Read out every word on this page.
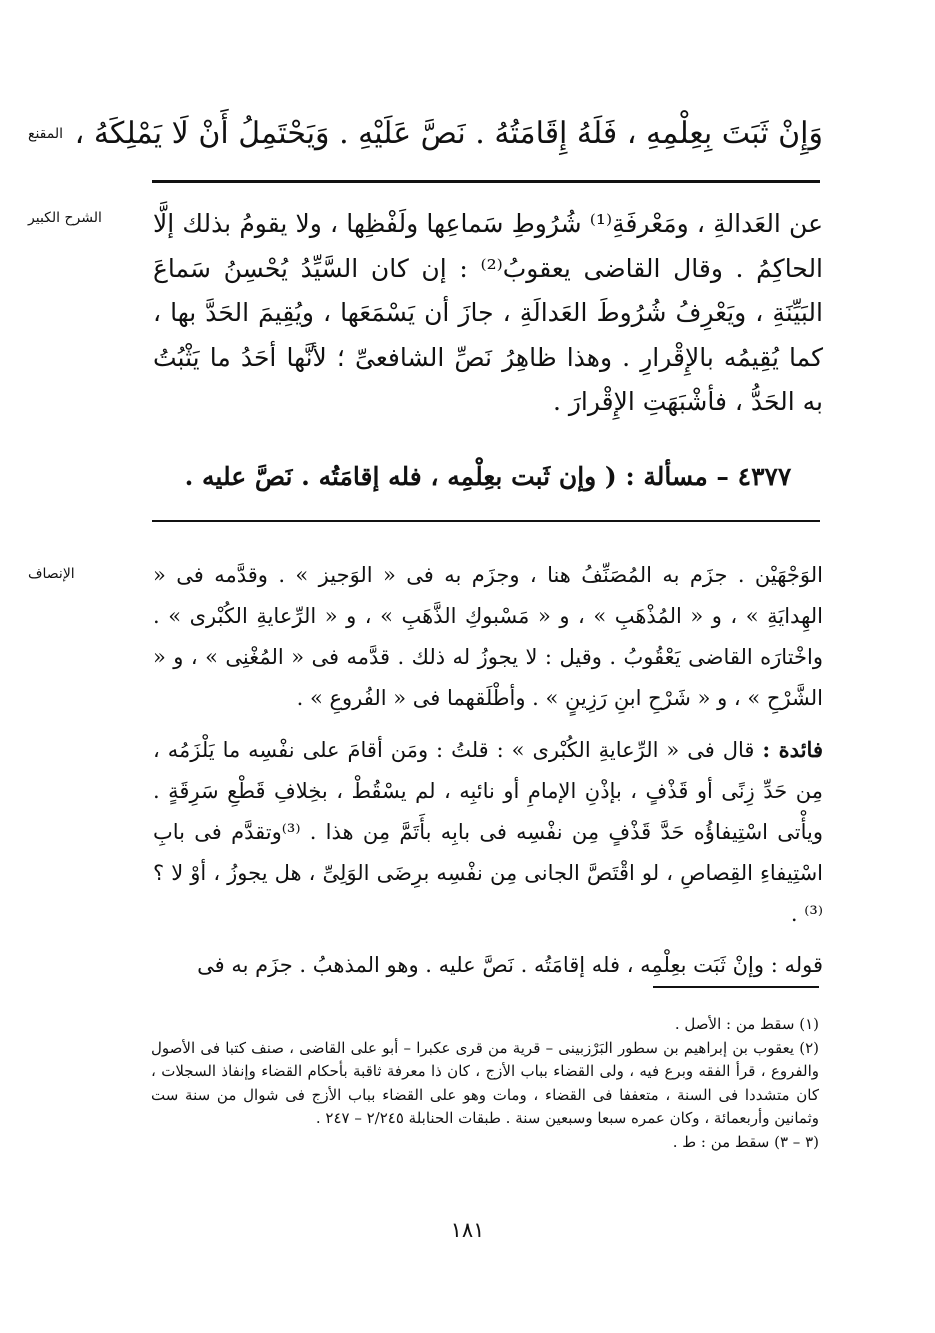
المقنع وَإِنْ ثَبَتَ بِعِلْمِهِ ، فَلَهُ إِقَامَتُهُ . نَصَّ عَلَيْهِ . وَيَحْتَمِلُ أَنْ لَا يَمْلِكَهُ ،
الشرح الكبير	عن العَدالةِ ، ومَعْرفَةِ⁽¹⁾ شُرُوطِ سَماعِها ولَفْظِها ، ولا يقومُ بذلك إلَّا الحاكِمُ . وقال القاضى يعقوبُ⁽²⁾ : إن كان السَّيِّدُ يُحْسِنُ سَماعَ البَيِّنَةِ ، ويَعْرِفُ شُرُوطَ العَدالَةِ ، جازَ أن يَسْمَعَها ، ويُقِيمَ الحَدَّ بها ، كما يُقِيمُه بالإِقْرارِ . وهذا ظاهِرُ نَصِّ الشافعىِّ ؛ لأنَّها أحَدُ ما يَثْبُتُ به الحَدُّ ، فأشْبَهَتِ الإِقْرارَ .
٤٣٧٧ – مسألة : ( وإن ثَبت بعِلْمِه ، فله إقامَتُه . نَصَّ عليه .
الإنصاف	الوَجْهَيْن . جزَم به المُصَنِّفُ هنا ، وجزَم به فى « الوَجيز » . وقدَّمه فى « الهِدايَةِ » ، و « المُذْهَبِ » ، و « مَسْبوكِ الذَّهَبِ » ، و « الرِّعايةِ الكُبْرى » . واخْتارَه القاضى يَعْقُوبُ . وقيل : لا يجوزُ له ذلك . قدَّمه فى « المُغْنِى » ، و « الشَّرْحِ » ، و « شَرْحِ ابنِ رَزِينٍ » . وأطْلَقهما فى « الفُروعِ » .

فائدة : قال فى « الرِّعايةِ الكُبْرى » : قلتُ : ومَن أقامَ على نفْسِه ما يَلْزَمُه ، مِن حَدِّ زِنًى أو قَذْفٍ ، بإذْنِ الإمامِ أو نائبِه ، لم يسْقُطْ ، بخِلافِ قَطْعِ سَرِقَةٍ . ويأْتى اسْتِيفاؤُه حَدَّ قَذْفٍ مِن نفْسِه فى بابِه بأَتَمَّ مِن هذا . ⁽³⁾وتقدَّم فى بابِ اسْتِيفاءِ القِصاصِ ، لو اقْتَصَّ الجانى مِن نفْسِه برِضَى الوَلِىِّ ، هل يجوزُ ، أوْ لا ؟⁽³⁾ .

قوله : وإنْ ثَبَت بعِلْمِه ، فله إقامَتُه . نَصَّ عليه . وهو المذهبُ . جزَم به فى

(١) سقط من : الأصل .

(٢) يعقوب بن إبراهيم بن سطور البَرْزبينى – قرية من قرى عكبرا – أبو على القاضى ، صنف كتبا فى الأصول والفروع ، قرأ الفقه وبرع فيه ، ولى القضاء بباب الأزج ، كان ذا معرفة ثاقبة بأحكام القضاء وإنفاذ السجلات ، كان متشددا فى السنة ، متعففا فى القضاء ، ومات وهو على القضاء بباب الأزج فى شوال من سنة ست وثمانين وأربعمائة ، وكان عمره سبعا وسبعين سنة . طبقات الحنابلة ٢/٢٤٥ – ٢٤٧ .

(٣ – ٣) سقط من : ط .

١٨١
